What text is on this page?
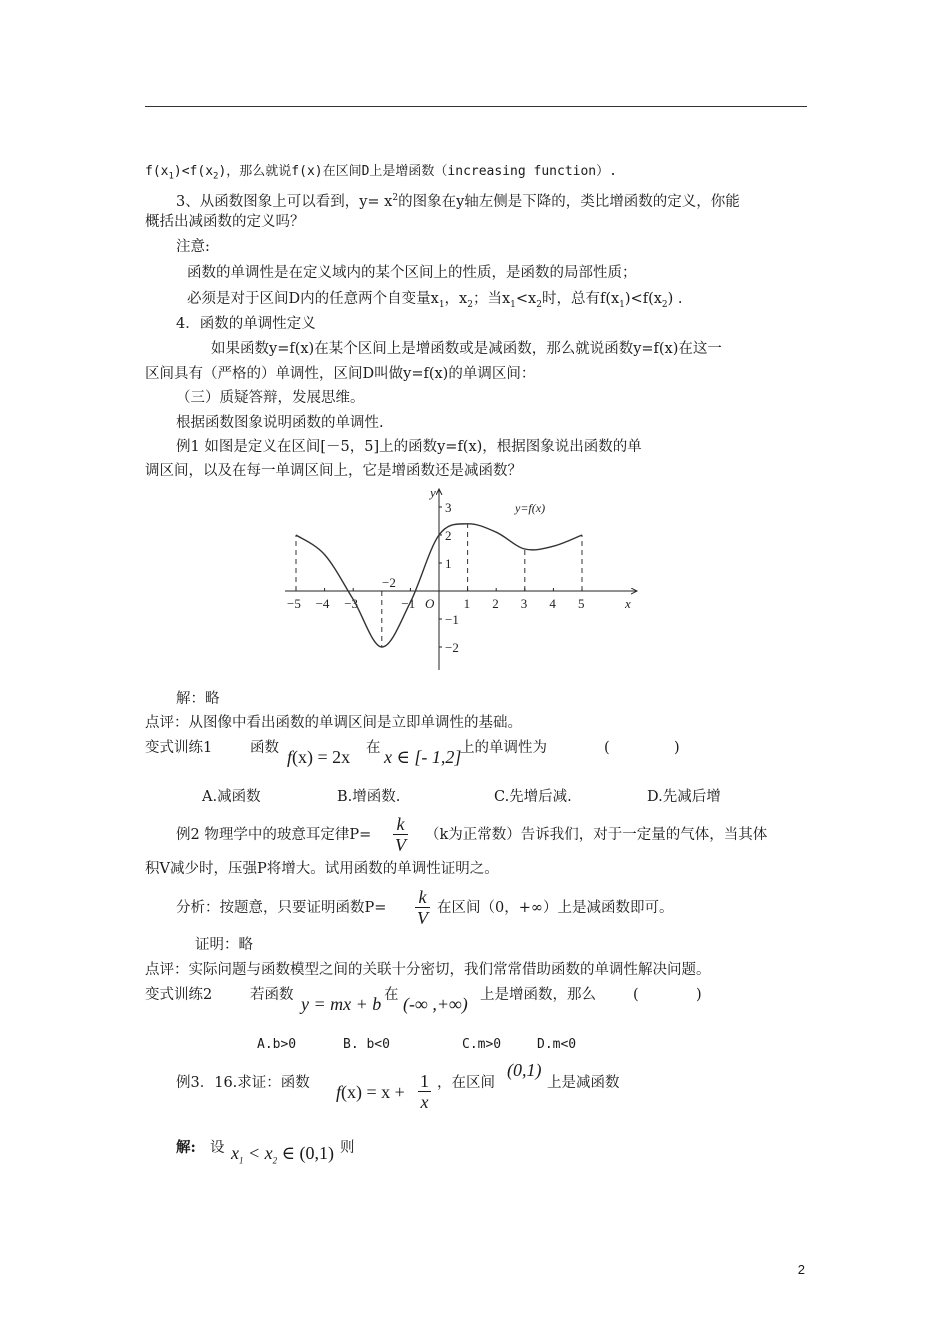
$f(x_1)<f(x_2)$，那么就说f(x)在区间D上是增函数（increasing function）.
3、从函数图象上可以看到，$y= x^2$的图象在y轴左侧是下降的，类比增函数的定义，你能
概括出减函数的定义吗？
注意:
函数的单调性是在定义域内的某个区间上的性质，是函数的局部性质；
必须是对于区间D内的任意两个自变量$x_1$，$x_2$；当$x_1<x_2$时，总有$f(x_1)<f(x_2)$ .
4．函数的单调性定义
如果函数y=f(x)在某个区间上是增函数或是减函数，那么就说函数y=f(x)在这一
区间具有（严格的）单调性，区间D叫做y=f(x)的单调区间：
（三）质疑答辩，发展思维。
根据函数图象说明函数的单调性.
例1 如图是定义在区间[－5，5]上的函数y=f(x)，根据图象说出函数的单
调区间，以及在每一单调区间上，它是增函数还是减函数？
−5 −4 −3	−1	1 2 3 4 5
3
2
1
−1
−2
O	x
y
y=f(x)
−2
解：略
点评：从图像中看出函数的单调区间是立即单调性的基础。
变式训练1	函数 f(x) = 2x 在 x ∈ [- 1,2]
上的单调性为	(	)
A.减函数	B.增函数.	C.先增后减.	D.先减后增
例2 物理学中的玻意耳定律$P= \frac{k}{V} (k$为正常数）告诉我们，对于一定量的气体，当其体
积V减少时，压强P将增大。试用函数的单调性证明之。
分析：按题意，只要证明函数$P= \frac{k}{V}$ 在区间（0，+∞）上是减函数即可。
证明：略
点评：实际问题与函数模型之间的关联十分密切，我们常常借助函数的单调性解决问题。
变式训练2	若函数 y = mx + b 在 (-∞ ,+∞) 上是增函数，那么	(	)
A.b>0	B. b<0	C.m>0	D.m<0
例3．16.求证：函数 $f(x) = x + \frac{1}{x}$ ，在区间
(0,1)
上是减函数
解: 设 $x_1 < x_2$ ∈ (0,1) 则
2
